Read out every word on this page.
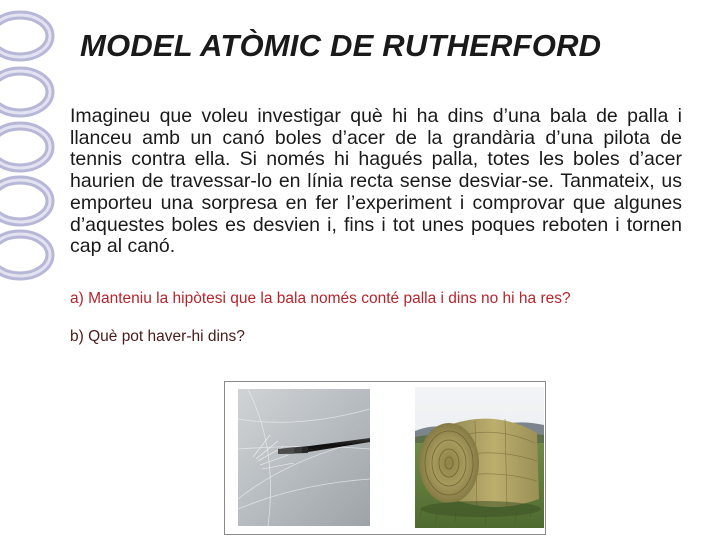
MODEL ATÒMIC DE RUTHERFORD

Imagineu que voleu investigar què hi ha dins d’una bala de palla i llanceu amb un canó boles d’acer de la grandària d’una pilota de tennis contra ella. Si només hi hagués palla, totes les boles d’acer haurien de travessar-lo en línia recta sense desviar-se. Tanmateix, us emporteu una sorpresa en fer l’experiment i comprovar que algunes d’aquestes boles es desvien i, fins i tot unes poques reboten i tornen cap al canó.

a) Manteniu la hipòtesi que la bala només conté palla i dins no hi ha res?

b) Què pot haver-hi dins?
